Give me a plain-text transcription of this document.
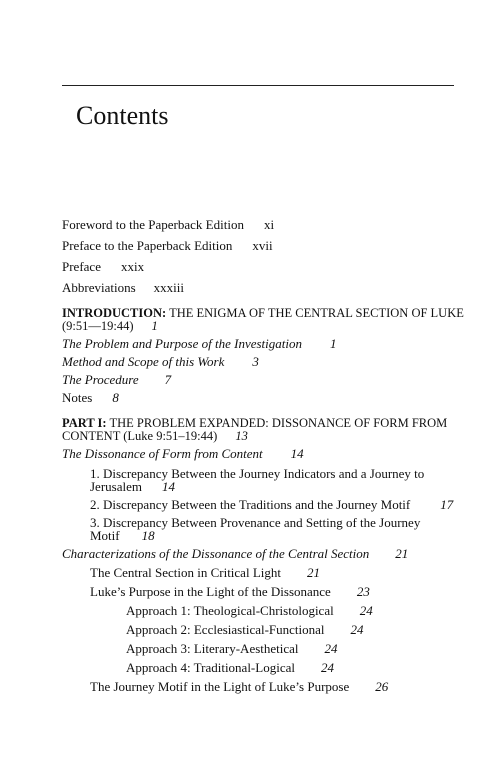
Contents
Foreword to the Paperback Edition xi
Preface to the Paperback Edition xvii
Preface xxix
Abbreviations xxxiii
INTRODUCTION: THE ENIGMA OF THE CENTRAL SECTION OF LUKE
(9:51—19:44) 1
The Problem and Purpose of the Investigation 1
Method and Scope of this Work 3
The Procedure 7
Notes 8
PART I: THE PROBLEM EXPANDED: DISSONANCE OF FORM FROM
CONTENT (Luke 9:51–19:44) 13
The Dissonance of Form from Content 14
1. Discrepancy Between the Journey Indicators and a Journey to
Jerusalem 14
2. Discrepancy Between the Traditions and the Journey Motif 17
3. Discrepancy Between Provenance and Setting of the Journey
Motif 18
Characterizations of the Dissonance of the Central Section 21
The Central Section in Critical Light 21
Luke’s Purpose in the Light of the Dissonance 23
Approach 1: Theological-Christological 24
Approach 2: Ecclesiastical-Functional 24
Approach 3: Literary-Aesthetical 24
Approach 4: Traditional-Logical 24
The Journey Motif in the Light of Luke’s Purpose 26
